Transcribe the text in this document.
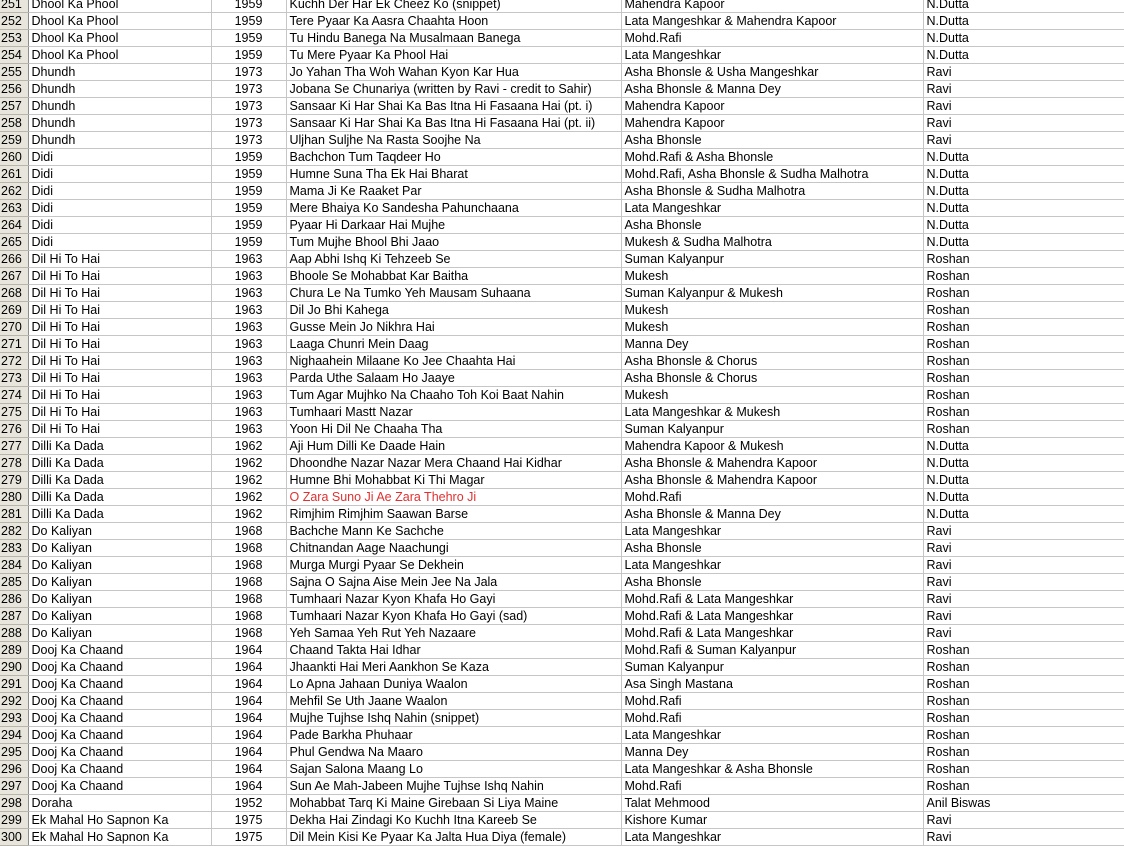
251	Dhool Ka Phool	1959	Kuchh Der Har Ek Cheez Ko (snippet)	Mahendra Kapoor	N.Dutta
252	Dhool Ka Phool	1959	Tere Pyaar Ka Aasra Chaahta Hoon	Lata Mangeshkar & Mahendra Kapoor	N.Dutta
253	Dhool Ka Phool	1959	Tu Hindu Banega Na Musalmaan Banega	Mohd.Rafi	N.Dutta
254	Dhool Ka Phool	1959	Tu Mere Pyaar Ka Phool Hai	Lata Mangeshkar	N.Dutta
255	Dhundh	1973	Jo Yahan Tha Woh Wahan Kyon Kar Hua	Asha Bhonsle & Usha Mangeshkar	Ravi
256	Dhundh	1973	Jobana Se Chunariya (written by Ravi - credit to Sahir)	Asha Bhonsle & Manna Dey	Ravi
257	Dhundh	1973	Sansaar Ki Har Shai Ka Bas Itna Hi Fasaana Hai (pt. i)	Mahendra Kapoor	Ravi
258	Dhundh	1973	Sansaar Ki Har Shai Ka Bas Itna Hi Fasaana Hai (pt. ii)	Mahendra Kapoor	Ravi
259	Dhundh	1973	Uljhan Suljhe Na Rasta Soojhe Na	Asha Bhonsle	Ravi
260	Didi	1959	Bachchon Tum Taqdeer Ho	Mohd.Rafi & Asha Bhonsle	N.Dutta
261	Didi	1959	Humne Suna Tha Ek Hai Bharat	Mohd.Rafi, Asha Bhonsle & Sudha Malhotra	N.Dutta
262	Didi	1959	Mama Ji Ke Raaket Par	Asha Bhonsle & Sudha Malhotra	N.Dutta
263	Didi	1959	Mere Bhaiya Ko Sandesha Pahunchaana	Lata Mangeshkar	N.Dutta
264	Didi	1959	Pyaar Hi Darkaar Hai Mujhe	Asha Bhonsle	N.Dutta
265	Didi	1959	Tum Mujhe Bhool Bhi Jaao	Mukesh & Sudha Malhotra	N.Dutta
266	Dil Hi To Hai	1963	Aap Abhi Ishq Ki Tehzeeb Se	Suman Kalyanpur	Roshan
267	Dil Hi To Hai	1963	Bhoole Se Mohabbat Kar Baitha	Mukesh	Roshan
268	Dil Hi To Hai	1963	Chura Le Na Tumko Yeh Mausam Suhaana	Suman Kalyanpur & Mukesh	Roshan
269	Dil Hi To Hai	1963	Dil Jo Bhi Kahega	Mukesh	Roshan
270	Dil Hi To Hai	1963	Gusse Mein Jo Nikhra Hai	Mukesh	Roshan
271	Dil Hi To Hai	1963	Laaga Chunri Mein Daag	Manna Dey	Roshan
272	Dil Hi To Hai	1963	Nighaahein Milaane Ko Jee Chaahta Hai	Asha Bhonsle & Chorus	Roshan
273	Dil Hi To Hai	1963	Parda Uthe Salaam Ho Jaaye	Asha Bhonsle & Chorus	Roshan
274	Dil Hi To Hai	1963	Tum Agar Mujhko Na Chaaho Toh Koi Baat Nahin	Mukesh	Roshan
275	Dil Hi To Hai	1963	Tumhaari Mastt Nazar	Lata Mangeshkar & Mukesh	Roshan
276	Dil Hi To Hai	1963	Yoon Hi Dil Ne Chaaha Tha	Suman Kalyanpur	Roshan
277	Dilli Ka Dada	1962	Aji Hum Dilli Ke Daade Hain	Mahendra Kapoor & Mukesh	N.Dutta
278	Dilli Ka Dada	1962	Dhoondhe Nazar Nazar Mera Chaand Hai Kidhar	Asha Bhonsle & Mahendra Kapoor	N.Dutta
279	Dilli Ka Dada	1962	Humne Bhi Mohabbat Ki Thi Magar	Asha Bhonsle & Mahendra Kapoor	N.Dutta
280	Dilli Ka Dada	1962	O Zara Suno Ji Ae Zara Thehro Ji	Mohd.Rafi	N.Dutta
281	Dilli Ka Dada	1962	Rimjhim Rimjhim Saawan Barse	Asha Bhonsle & Manna Dey	N.Dutta
282	Do Kaliyan	1968	Bachche Mann Ke Sachche	Lata Mangeshkar	Ravi
283	Do Kaliyan	1968	Chitnandan Aage Naachungi	Asha Bhonsle	Ravi
284	Do Kaliyan	1968	Murga Murgi Pyaar Se Dekhein	Lata Mangeshkar	Ravi
285	Do Kaliyan	1968	Sajna O Sajna Aise Mein Jee Na Jala	Asha Bhonsle	Ravi
286	Do Kaliyan	1968	Tumhaari Nazar Kyon Khafa Ho Gayi	Mohd.Rafi & Lata Mangeshkar	Ravi
287	Do Kaliyan	1968	Tumhaari Nazar Kyon Khafa Ho Gayi (sad)	Mohd.Rafi & Lata Mangeshkar	Ravi
288	Do Kaliyan	1968	Yeh Samaa Yeh Rut Yeh Nazaare	Mohd.Rafi & Lata Mangeshkar	Ravi
289	Dooj Ka Chaand	1964	Chaand Takta Hai Idhar	Mohd.Rafi & Suman Kalyanpur	Roshan
290	Dooj Ka Chaand	1964	Jhaankti Hai Meri Aankhon Se Kaza	Suman Kalyanpur	Roshan
291	Dooj Ka Chaand	1964	Lo Apna Jahaan Duniya Waalon	Asa Singh Mastana	Roshan
292	Dooj Ka Chaand	1964	Mehfil Se Uth Jaane Waalon	Mohd.Rafi	Roshan
293	Dooj Ka Chaand	1964	Mujhe Tujhse Ishq Nahin (snippet)	Mohd.Rafi	Roshan
294	Dooj Ka Chaand	1964	Pade Barkha Phuhaar	Lata Mangeshkar	Roshan
295	Dooj Ka Chaand	1964	Phul Gendwa Na Maaro	Manna Dey	Roshan
296	Dooj Ka Chaand	1964	Sajan Salona Maang Lo	Lata Mangeshkar & Asha Bhonsle	Roshan
297	Dooj Ka Chaand	1964	Sun Ae Mah-Jabeen Mujhe Tujhse Ishq Nahin	Mohd.Rafi	Roshan
298	Doraha	1952	Mohabbat Tarq Ki Maine Girebaan Si Liya Maine	Talat Mehmood	Anil Biswas
299	Ek Mahal Ho Sapnon Ka	1975	Dekha Hai Zindagi Ko Kuchh Itna Kareeb Se	Kishore Kumar	Ravi
300	Ek Mahal Ho Sapnon Ka	1975	Dil Mein Kisi Ke Pyaar Ka Jalta Hua Diya (female)	Lata Mangeshkar	Ravi
